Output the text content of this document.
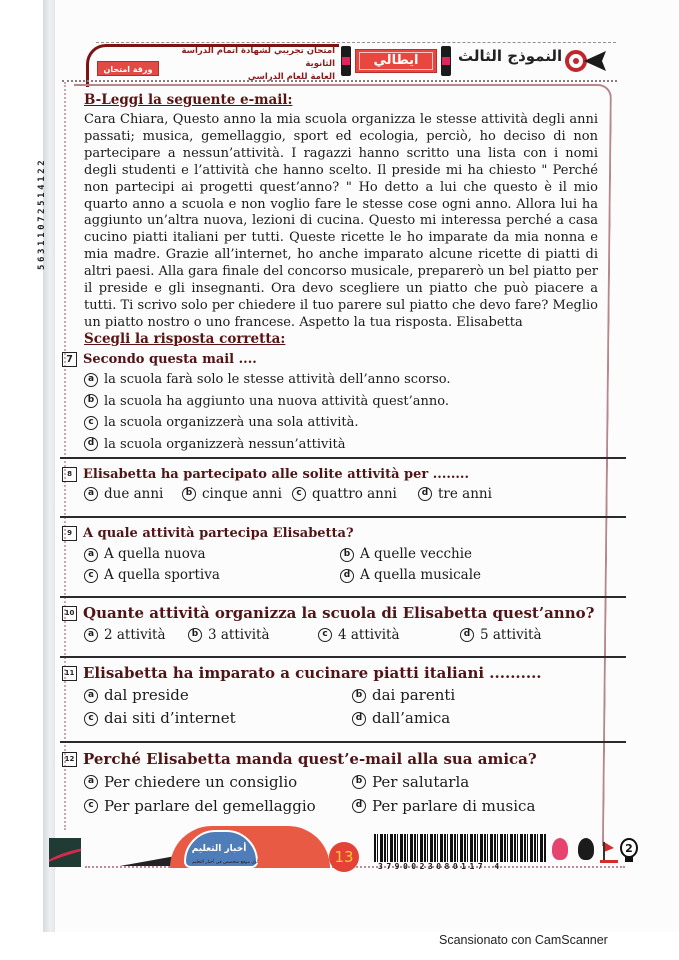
56311072514122
النموذج الثالث
ايطالي
امتحان تجريبي لشهادة اتمام الدراسة الثانوية
العامة للعام الدراسي
ورقة امتحان
B-Leggi la seguente e-mail:
Cara Chiara, Questo anno la mia scuola organizza le stesse attività degli anni passati; musica, gemellaggio, sport ed ecologia, perciò, ho deciso di non partecipare a nessun’attività. I ragazzi hanno scritto una lista con i nomi degli studenti e l’attività che hanno scelto. Il preside mi ha chiesto " Perché non partecipi ai progetti quest’anno? " Ho detto a lui che questo è il mio quarto anno a scuola e non voglio fare le stesse cose ogni anno. Allora lui ha aggiunto un’altra nuova, lezioni di cucina. Questo mi interessa perché a casa cucino piatti italiani per tutti. Queste ricette le ho imparate da mia nonna e mia madre. Grazie all’internet, ho anche imparato alcune ricette di piatti di altri paesi. Alla gara finale del concorso musicale, preparerò un bel piatto per il preside e gli insegnanti. Ora devo scegliere un piatto che può piacere a tutti. Ti scrivo solo per chiedere il tuo parere sul piatto che devo fare? Meglio un piatto nostro o uno francese. Aspetto la tua risposta. Elisabetta
Scegli la risposta corretta:
7 Secondo questa mail ....
a la scuola farà solo le stesse attività dell’anno scorso.
b la scuola ha aggiunto una nuova attività quest’anno.
c la scuola organizzerà una sola attività.
d la scuola organizzerà nessun’attività
8 Elisabetta ha partecipato alle solite attività per ........
a due anni	b cinque anni	c quattro anni	d tre anni
9 A quale attività partecipa Elisabetta?
a A quella nuova	b A quelle vecchie
c A quella sportiva	d A quella musicale
10 Quante attività organizza la scuola di Elisabetta quest’anno?
a 2 attività	b 3 attività	c 4 attività	d 5 attività
11 Elisabetta ha imparato a cucinare piatti italiani ..........
a dal preside	b dai parenti
c dai siti d’internet	d dall’amica
12 Perché Elisabetta manda quest’e-mail alla sua amica?
a Per chiedere un consiglio	b Per salutarla
c Per parlare del gemellaggio	d Per parlare di musica
أخبار التعليم
أول موقع متخصص في أخبار التعليم	13
3790023080117 4
2
Scansionato con CamScanner
